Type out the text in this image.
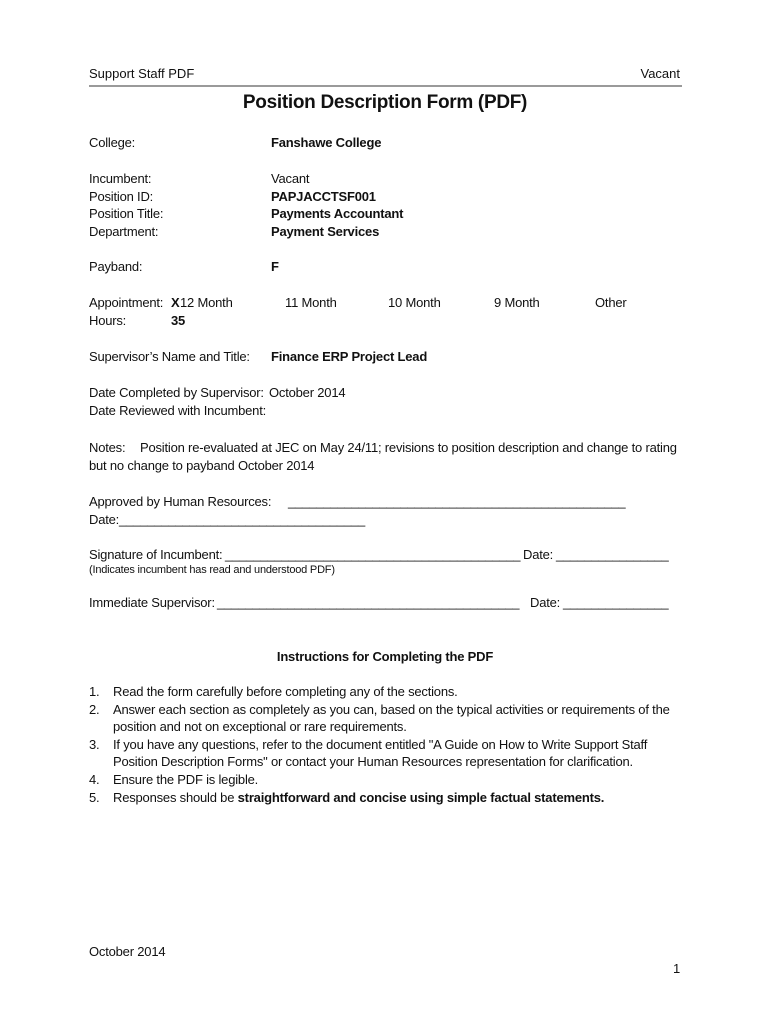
Support Staff PDF	Vacant
Position Description Form (PDF)
College:	Fanshawe College
Incumbent:	Vacant
Position ID:	PAPJACCTSF001
Position Title:	Payments Accountant
Department:	Payment Services
Payband:	F
Appointment: X 12 Month	11 Month	10 Month	9 Month	Other
Hours:	35
Supervisor’s Name and Title: Finance ERP Project Lead
Date Completed by Supervisor: October 2014
Date Reviewed with Incumbent:
Notes: Position re-evaluated at JEC on May 24/11; revisions to position description and change to rating
but no change to payband October 2014
Approved by Human Resources: ________________________________________________
Date: ___________________________________
Signature of Incumbent: __________________________________________ Date: ________________
(Indicates incumbent has read and understood PDF)
Immediate Supervisor: ___________________________________________ Date: _______________
Instructions for Completing the PDF
1. Read the form carefully before completing any of the sections.
2. Answer each section as completely as you can, based on the typical activities or requirements of the position and not on exceptional or rare requirements.
3. If you have any questions, refer to the document entitled "A Guide on How to Write Support Staff Position Description Forms" or contact your Human Resources representation for clarification.
4. Ensure the PDF is legible.
5. Responses should be straightforward and concise using simple factual statements.
October 2014
1
